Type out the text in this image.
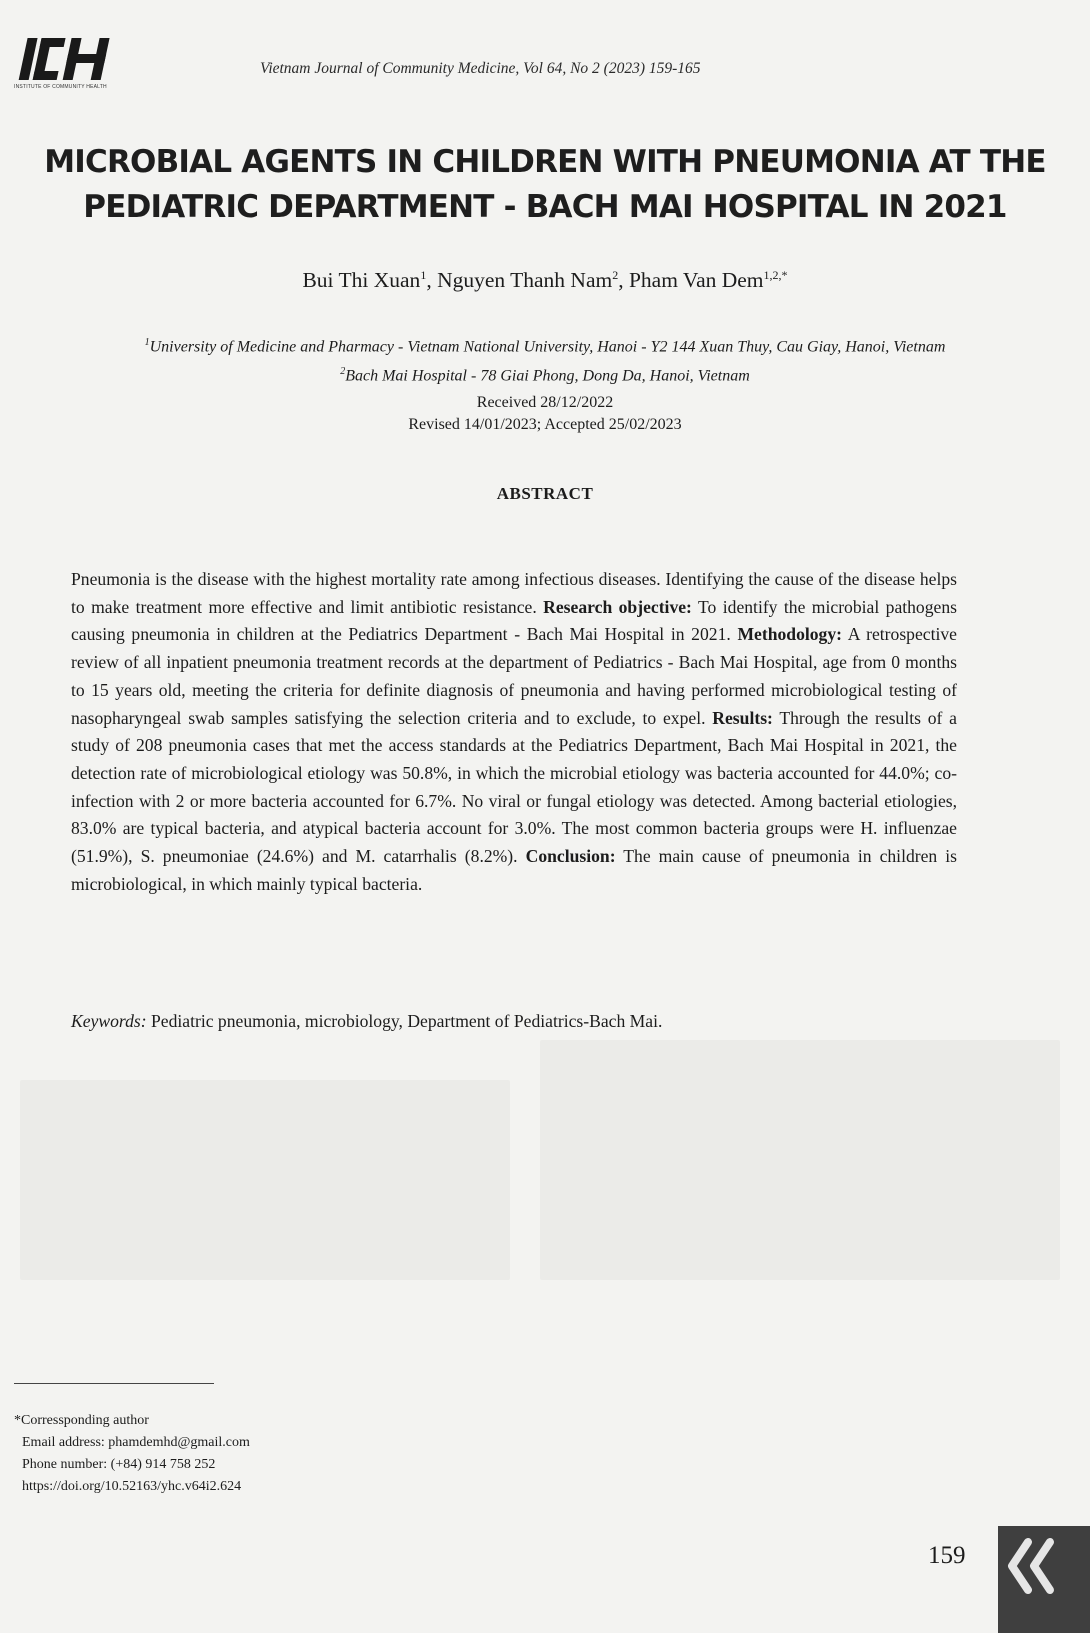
INSTITUTE OF COMMUNITY HEALTH
Vietnam Journal of Community Medicine, Vol 64, No 2 (2023) 159-165
MICROBIAL AGENTS IN CHILDREN WITH PNEUMONIA AT THE
PEDIATRIC DEPARTMENT - BACH MAI HOSPITAL IN 2021
Bui Thi Xuan$^1$, Nguyen Thanh Nam$^2$, Pham Van Dem$^{1,2,*}$
$^1$University of Medicine and Pharmacy - Vietnam National University, Hanoi - Y2 144 Xuan Thuy, Cau Giay, Hanoi, Vietnam
$^2$Bach Mai Hospital - 78 Giai Phong, Dong Da, Hanoi, Vietnam
Received 28/12/2022
Revised 14/01/2023; Accepted 25/02/2023
ABSTRACT

Pneumonia is the disease with the highest mortality rate among infectious diseases. Identifying the cause of the disease helps to make treatment more effective and limit antibiotic resistance. Research objective: To identify the microbial pathogens causing pneumonia in children at the Pediatrics Department - Bach Mai Hospital in 2021. Methodology: A retrospective review of all inpatient pneumonia treatment records at the department of Pediatrics - Bach Mai Hospital, age from 0 months to 15 years old, meeting the criteria for definite diagnosis of pneumonia and having performed microbiological testing of nasopharyngeal swab samples satisfying the selection criteria and to exclude, to expel. Results: Through the results of a study of 208 pneumonia cases that met the access standards at the Pediatrics Department, Bach Mai Hospital in 2021, the detection rate of microbiological etiology was 50.8%, in which the microbial etiology was bacteria accounted for 44.0%; co-infection with 2 or more bacteria accounted for 6.7%. No viral or fungal etiology was detected. Among bacterial etiologies, 83.0% are typical bacteria, and atypical bacteria account for 3.0%. The most common bacteria groups were H. influenzae (51.9%), S. pneumoniae (24.6%) and M. catarrhalis (8.2%). Conclusion: The main cause of pneumonia in children is microbiological, in which mainly typical bacteria.

Keywords: Pediatric pneumonia, microbiology, Department of Pediatrics-Bach Mai.
*Corressponding author
Email address: phamdemhd@gmail.com
Phone number: (+84) 914 758 252
https://doi.org/10.52163/yhc.v64i2.624
159
